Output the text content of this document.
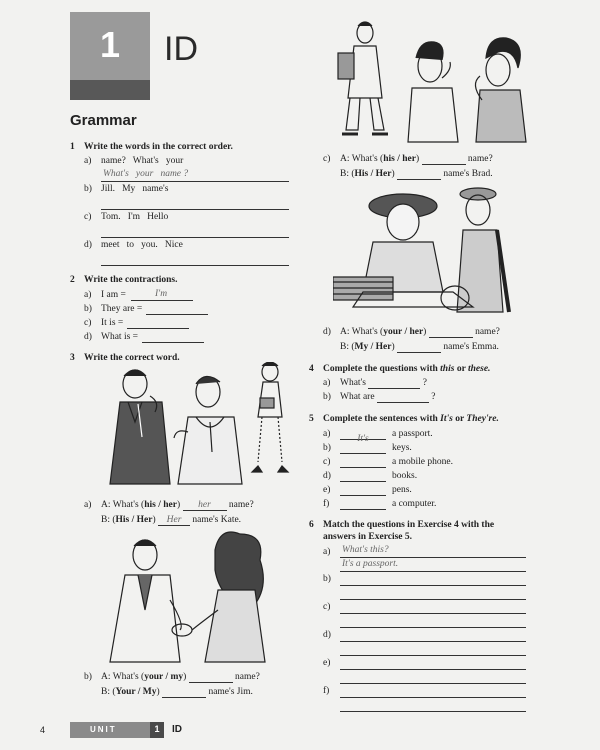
1	ID
Grammar
1 Write the words in the correct order.
a) name?   What's   your
What's   your   name ?
b) Jill.   My   name's
c) Tom.   I'm   Hello
d) meet   to   you.   Nice
2 Write the contractions.
a) I am =	I'm
b) They are =
c) It is =
d) What is =
3 Write the correct word.
a) A: What's (his / her) her name?
B: (His / Her) Her name's Kate.
b) A: What's (your / my)	name?
B: (Your / My)	name's Jim.
c) A: What's (his / her)	name?
B: (His / Her)	name's Brad.
d) A: What's (your / her)	name?
B: (My / Her)	name's Emma.
4 Complete the questions with this or these.
a) What's	?
b) What are	?
5 Complete the sentences with It's or They're.
a)	It's	a passport.
b)	keys.
c)	a mobile phone.
d)	books.
e)	pens.
f)	a computer.
6 Match the questions in Exercise 4 with the
answers in Exercise 5.
a) What's this?
It's a passport.
b)
c)
d)
e)
f)
4	UNIT	1	ID
